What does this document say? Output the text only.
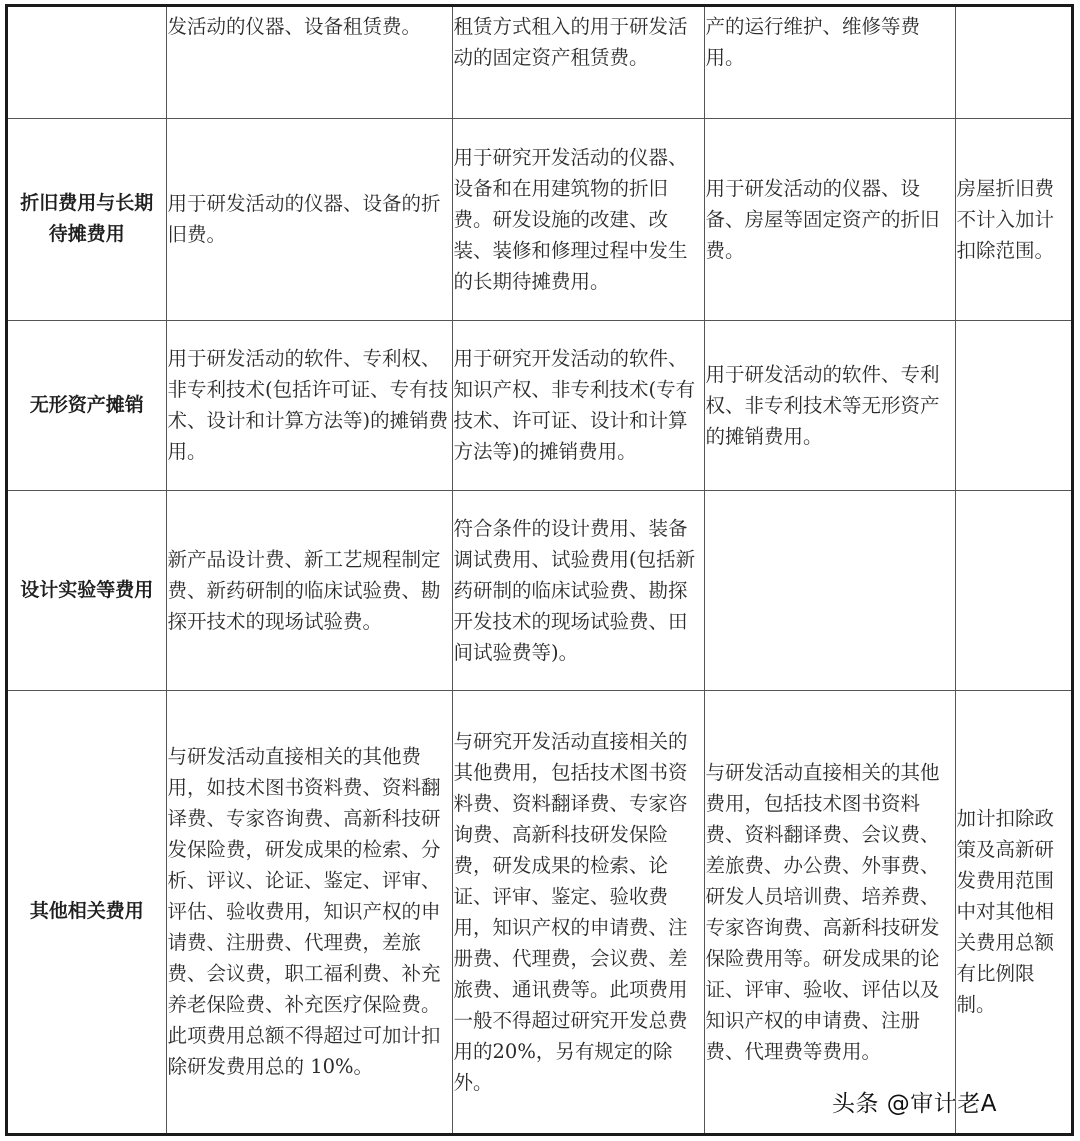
	发活动的仪器、设备租赁费。	租赁方式租入的用于研发活动的固定资产租赁费。	产的运行维护、维修等费用。	
折旧费用与长期待摊费用	用于研发活动的仪器、设备的折旧费。	用于研究开发活动的仪器、设备和在用建筑物的折旧费。研发设施的改建、改装、装修和修理过程中发生的长期待摊费用。	用于研发活动的仪器、设备、房屋等固定资产的折旧费。	房屋折旧费不计入加计扣除范围。
无形资产摊销	用于研发活动的软件、专利权、非专利技术(包括许可证、专有技术、设计和计算方法等)的摊销费用。	用于研究开发活动的软件、知识产权、非专利技术(专有技术、许可证、设计和计算方法等)的摊销费用。	用于研发活动的软件、专利权、非专利技术等无形资产的摊销费用。	
设计实验等费用	新产品设计费、新工艺规程制定费、新药研制的临床试验费、勘探开技术的现场试验费。	符合条件的设计费用、装备调试费用、试验费用(包括新药研制的临床试验费、勘探开发技术的现场试验费、田间试验费等)。		
其他相关费用	与研发活动直接相关的其他费用，如技术图书资料费、资料翻译费、专家咨询费、高新科技研发保险费，研发成果的检索、分析、评议、论证、鉴定、评审、评估、验收费用，知识产权的申请费、注册费、代理费，差旅费、会议费，职工福利费、补充养老保险费、补充医疗保险费。此项费用总额不得超过可加计扣除研发费用总的 10%。	与研究开发活动直接相关的其他费用，包括技术图书资料费、资料翻译费、专家咨询费、高新科技研发保险费，研发成果的检索、论证、评审、鉴定、验收费用，知识产权的申请费、注册费、代理费，会议费、差旅费、通讯费等。此项费用一般不得超过研究开发总费用的20%，另有规定的除外。	与研发活动直接相关的其他费用，包括技术图书资料费、资料翻译费、会议费、差旅费、办公费、外事费、研发人员培训费、培养费、专家咨询费、高新科技研发保险费用等。研发成果的论证、评审、验收、评估以及知识产权的申请费、注册费、代理费等费用。	加计扣除政策及高新研发费用范围中对其他相关费用总额有比例限制。
头条 @审计老A
